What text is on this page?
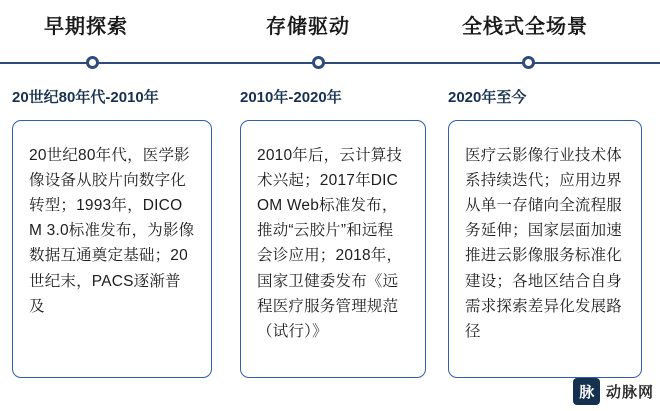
早期探索
20世纪80年代-2010年
20世纪80年代，医学影像设备从胶片向数字化转型；1993年，DICOM 3.0标准发布，为影像数据互通奠定基础；20世纪末，PACS逐渐普及
存储驱动
2010年-2020年
2010年后，云计算技术兴起；2017年DICOM Web标准发布，推动“云胶片”和远程会诊应用；2018年，国家卫健委发布《远程医疗服务管理规范（试行）》
全栈式全场景
2020年至今
医疗云影像行业技术体系持续迭代；应用边界从单一存储向全流程服务延伸；国家层面加速推进云影像服务标准化建设；各地区结合自身需求探索差异化发展路径
脉 动脉网
